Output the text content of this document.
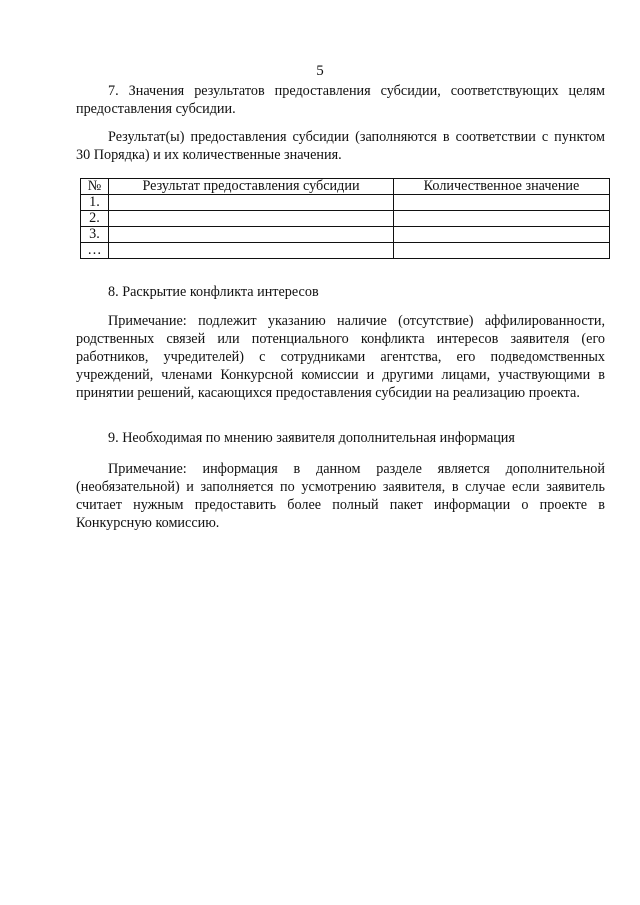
5

7. Значения результатов предоставления субсидии, соответствующих целям предоставления субсидии.

Результат(ы) предоставления субсидии (заполняются в соответствии с пунктом 30 Порядка) и их количественные значения.

№	Результат предоставления субсидии	Количественное значение
1.		
2.		
3.		
…		

8. Раскрытие конфликта интересов

Примечание: подлежит указанию наличие (отсутствие) аффилированности, родственных связей или потенциального конфликта интересов заявителя (его работников, учредителей) с сотрудниками агентства, его подведомственных учреждений, членами Конкурсной комиссии и другими лицами, участвующими в принятии решений, касающихся предоставления субсидии на реализацию проекта.

9. Необходимая по мнению заявителя дополнительная информация

Примечание: информация в данном разделе является дополнительной (необязательной) и заполняется по усмотрению заявителя, в случае если заявитель считает нужным предоставить более полный пакет информации о проекте в Конкурсную комиссию.
